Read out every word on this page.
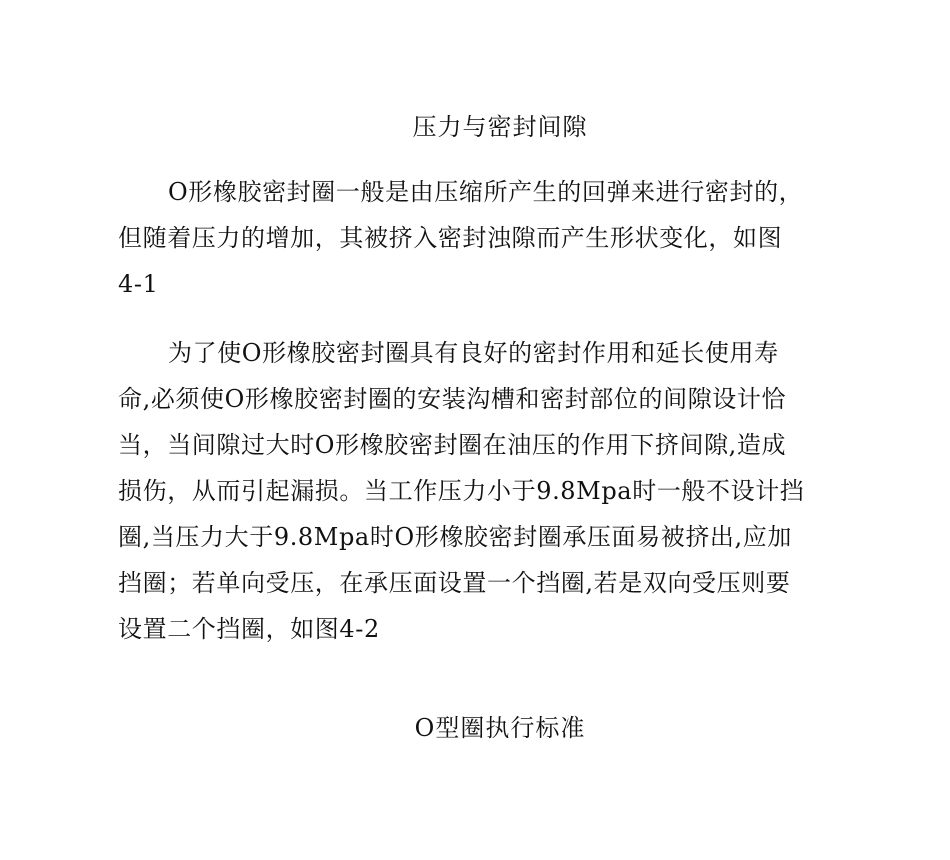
压力与密封间隙
O形橡胶密封圈一般是由压缩所产生的回弹来进行密封的，
但随着压力的增加，其被挤入密封浊隙而产生形状变化，如图
4-1
为了使O形橡胶密封圈具有良好的密封作用和延长使用寿
命,必须使O形橡胶密封圈的安装沟槽和密封部位的间隙设计恰
当，当间隙过大时O形橡胶密封圈在油压的作用下挤间隙,造成
损伤，从而引起漏损。当工作压力小于9.8Mpa时一般不设计挡
圈,当压力大于9.8Mpa时O形橡胶密封圈承压面易被挤出,应加
挡圈；若单向受压，在承压面设置一个挡圈,若是双向受压则要
设置二个挡圈，如图4-2
O型圈执行标准
